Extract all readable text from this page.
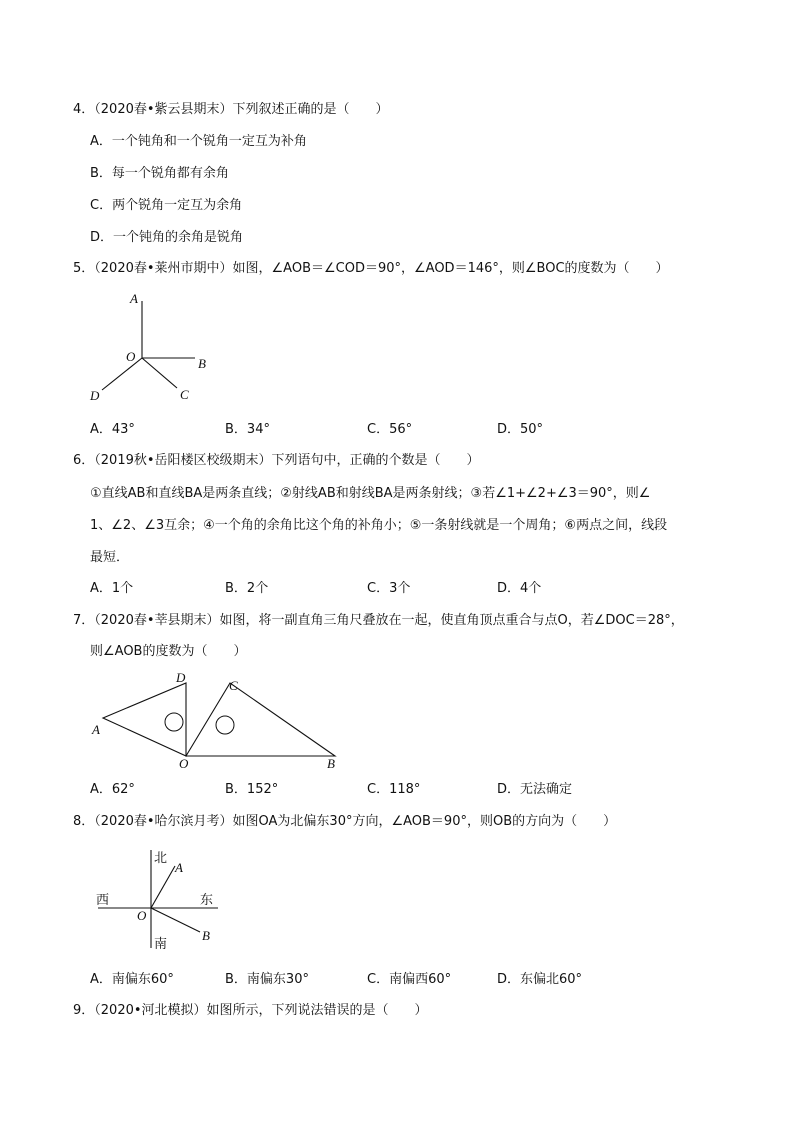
4．（2020春•紫云县期末）下列叙述正确的是（　　）
A．一个钝角和一个锐角一定互为补角
B．每一个锐角都有余角
C．两个锐角一定互为余角
D．一个钝角的余角是锐角
5．（2020春•莱州市期中）如图，∠AOB＝∠COD＝90°，∠AOD＝146°，则∠BOC的度数为（　　）
A
O	B
C
D
A．43°	B．34°	C．56°	D．50°
6．（2019秋•岳阳楼区校级期末）下列语句中，正确的个数是（　　）
①直线AB和直线BA是两条直线；②射线AB和射线BA是两条射线；③若∠1+∠2+∠3＝90°，则∠
1、∠2、∠3互余；④一个角的余角比这个角的补角小；⑤一条射线就是一个周角；⑥两点之间，线段
最短．
A．1个	B．2个	C．3个	D．4个
7．（2020春•莘县期末）如图，将一副直角三角尺叠放在一起，使直角顶点重合与点O，若∠DOC＝28°，
则∠AOB的度数为（　　）
A
D
C
O	B
A．62°	B．152°	C．118°	D．无法确定
8．（2020春•哈尔滨月考）如图OA为北偏东30°方向，∠AOB＝90°，则OB的方向为（　　）
北
A
西	东
O
B
南
A．南偏东60°	B．南偏东30°	C．南偏西60°	D．东偏北60°
9．（2020•河北模拟）如图所示，下列说法错误的是（　　）
